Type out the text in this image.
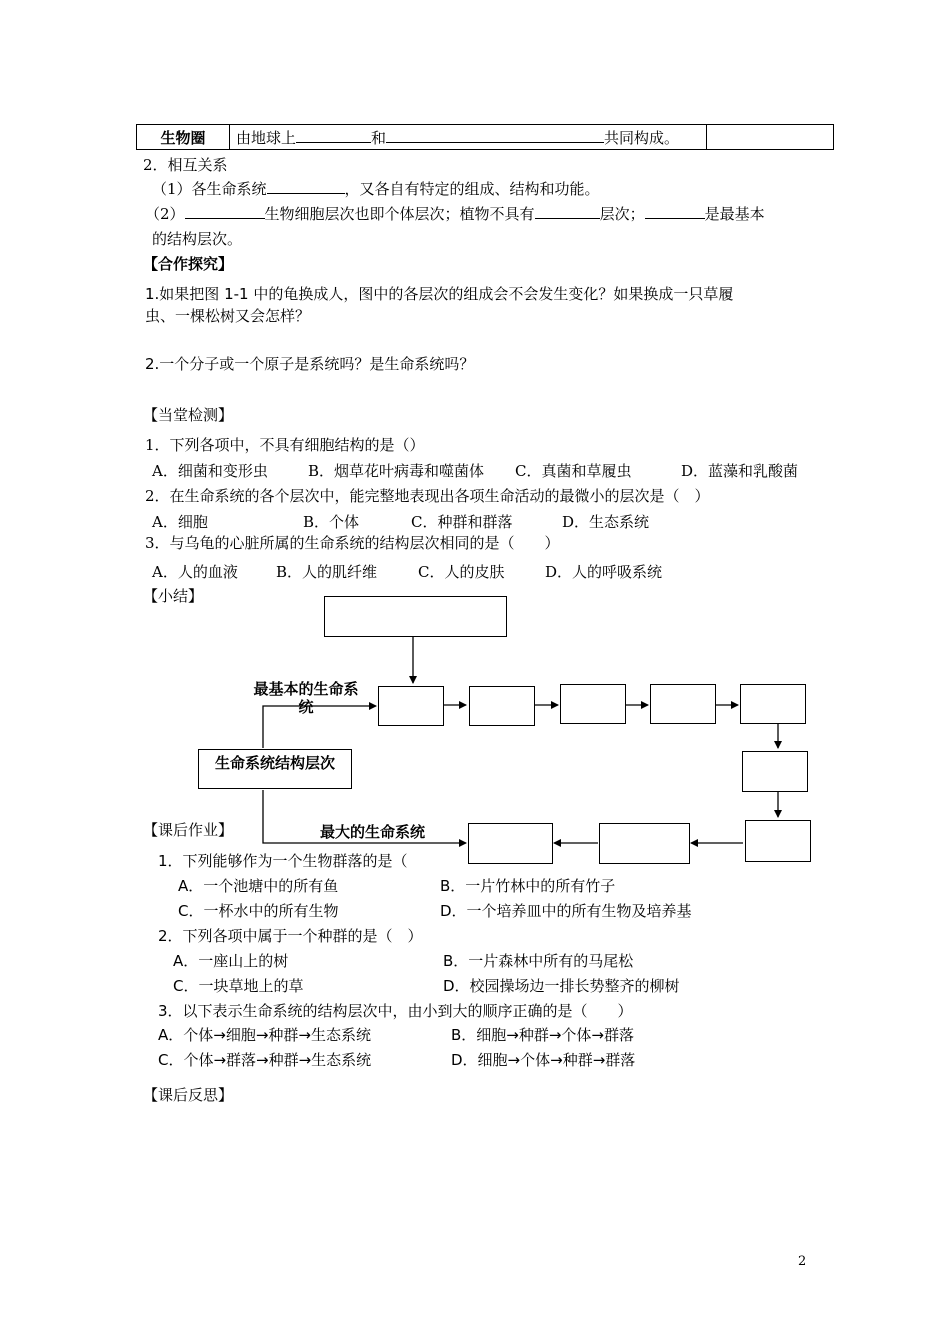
生物圈	由地球上	和	共同构成。	
2．相互关系
（1）各生命系统	，又各自有特定的组成、结构和功能。
（2）	生物细胞层次也即个体层次；植物不具有	层次；	是最基本
的结构层次。
【合作探究】
1.如果把图 1-1 中的龟换成人，图中的各层次的组成会不会发生变化？如果换成一只草履
虫、一棵松树又会怎样？
2.一个分子或一个原子是系统吗？是生命系统吗？
【当堂检测】
1．下列各项中，不具有细胞结构的是（）
A．细菌和变形虫	B．烟草花叶病毒和噬菌体 C．真菌和草履虫	D．蓝藻和乳酸菌
2．在生命系统的各个层次中，能完整地表现出各项生命活动的最微小的层次是（　）
A．细胞	B．个体	C．种群和群落	D．生态系统
3．与乌龟的心脏所属的生命系统的结构层次相同的是（　　）
A．人的血液	B．人的肌纤维	C．人的皮肤	D．人的呼吸系统
【小结】
生命系统结构层次
最基本的生命系统
最大的生命系统
【课后作业】
1．下列能够作为一个生物群落的是（
A．一个池塘中的所有鱼	B．一片竹林中的所有竹子
C．一杯水中的所有生物	D．一个培养皿中的所有生物及培养基
2．下列各项中属于一个种群的是（　）
A．一座山上的树	B．一片森林中所有的马尾松
C．一块草地上的草	D．校园操场边一排长势整齐的柳树
3．以下表示生命系统的结构层次中，由小到大的顺序正确的是（　　）
A．个体→细胞→种群→生态系统	B．细胞→种群→个体→群落
C．个体→群落→种群→生态系统	D．细胞→个体→种群→群落
【课后反思】
2
